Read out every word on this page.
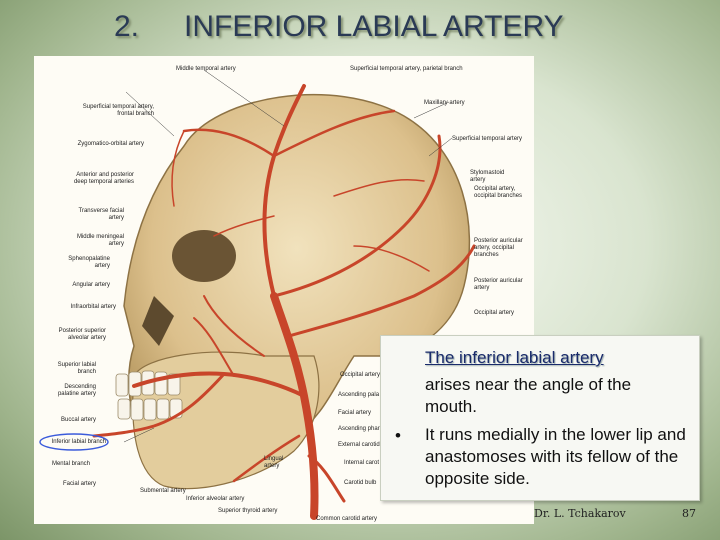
2. INFERIOR LABIAL ARTERY
Middle temporal artery	Superficial temporal artery, parietal branch
Superficial temporal artery,
frontal branch
Zygomatico-orbital artery
Anterior and posterior
deep temporal arteries
Transverse facial
artery
Middle meningeal
artery
Sphenopalatine
artery
Angular artery
Infraorbital artery
Posterior superior
alveolar artery
Superior labial
branch
Descending
palatine artery
Buccal artery
Inferior labial branch
Mental branch
Facial artery
Maxillary artery
Superficial temporal artery
Stylomastoid
artery
Occipital artery,
occipital branches
Posterior auricular
artery, occipital
branches
Posterior auricular
artery
Occipital artery
Occipital artery
Ascending pala
Facial artery
Ascending phar
External carotid
Internal carot
Carotid bulb
Lingual
artery
Submental artery
Inferior alveolar artery
Superior thyroid artery
Common carotid artery
The inferior labial artery
arises near the angle of the mouth.
• It runs medially in the lower lip and anastomoses with its fellow of the opposite side.
Dr. L. Tchakarov	87
